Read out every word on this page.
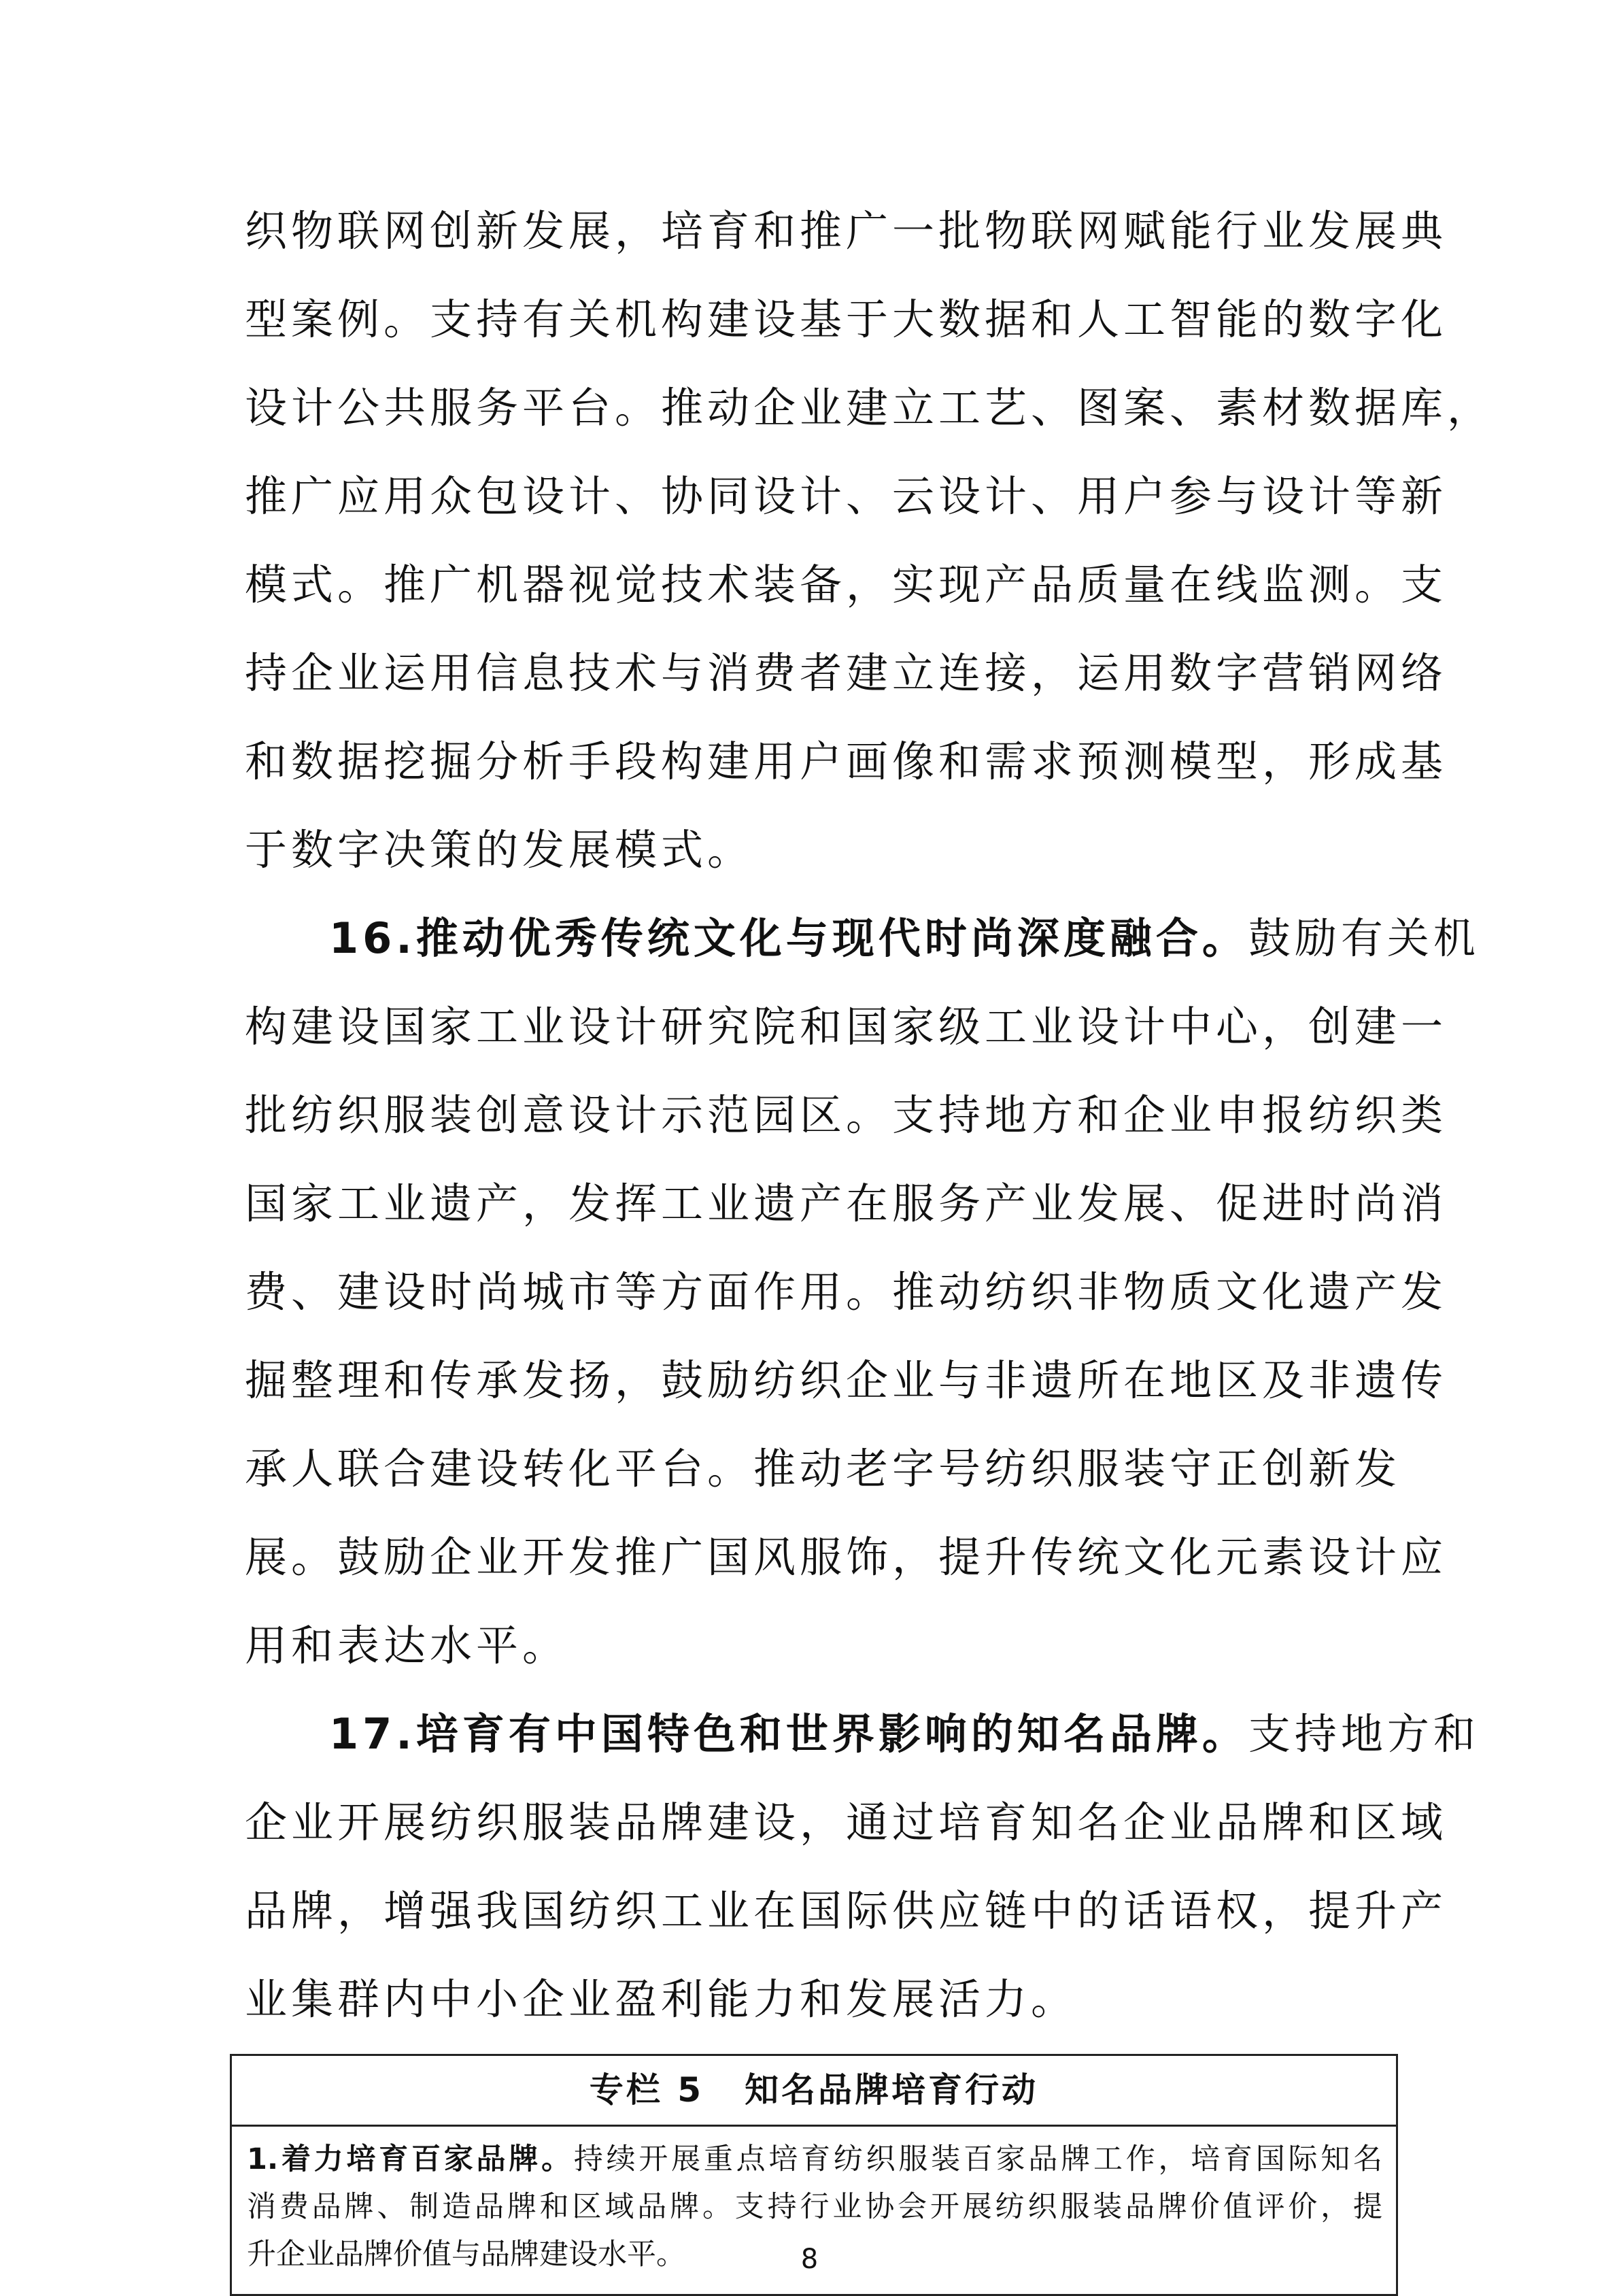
织物联网创新发展，培育和推广一批物联网赋能行业发展典
型案例。支持有关机构建设基于大数据和人工智能的数字化
设计公共服务平台。推动企业建立工艺、图案、素材数据库，
推广应用众包设计、协同设计、云设计、用户参与设计等新
模式。推广机器视觉技术装备，实现产品质量在线监测。支
持企业运用信息技术与消费者建立连接，运用数字营销网络
和数据挖掘分析手段构建用户画像和需求预测模型，形成基
于数字决策的发展模式。
16.推动优秀传统文化与现代时尚深度融合。鼓励有关机
构建设国家工业设计研究院和国家级工业设计中心，创建一
批纺织服装创意设计示范园区。支持地方和企业申报纺织类
国家工业遗产，发挥工业遗产在服务产业发展、促进时尚消
费、建设时尚城市等方面作用。推动纺织非物质文化遗产发
掘整理和传承发扬，鼓励纺织企业与非遗所在地区及非遗传
承人联合建设转化平台。推动老字号纺织服装守正创新发
展。鼓励企业开发推广国风服饰，提升传统文化元素设计应
用和表达水平。
17.培育有中国特色和世界影响的知名品牌。支持地方和
专栏 5 知名品牌培育行动
1.着力培育百家品牌。持续开展重点培育纺织服装百家品牌工作，培育国际知名
消费品牌、制造品牌和区域品牌。支持行业协会开展纺织服装品牌价值评价，提
升企业品牌价值与品牌建设水平。	8
企业开展纺织服装品牌建设，通过培育知名企业品牌和区域
品牌，增强我国纺织工业在国际供应链中的话语权，提升产
业集群内中小企业盈利能力和发展活力。
